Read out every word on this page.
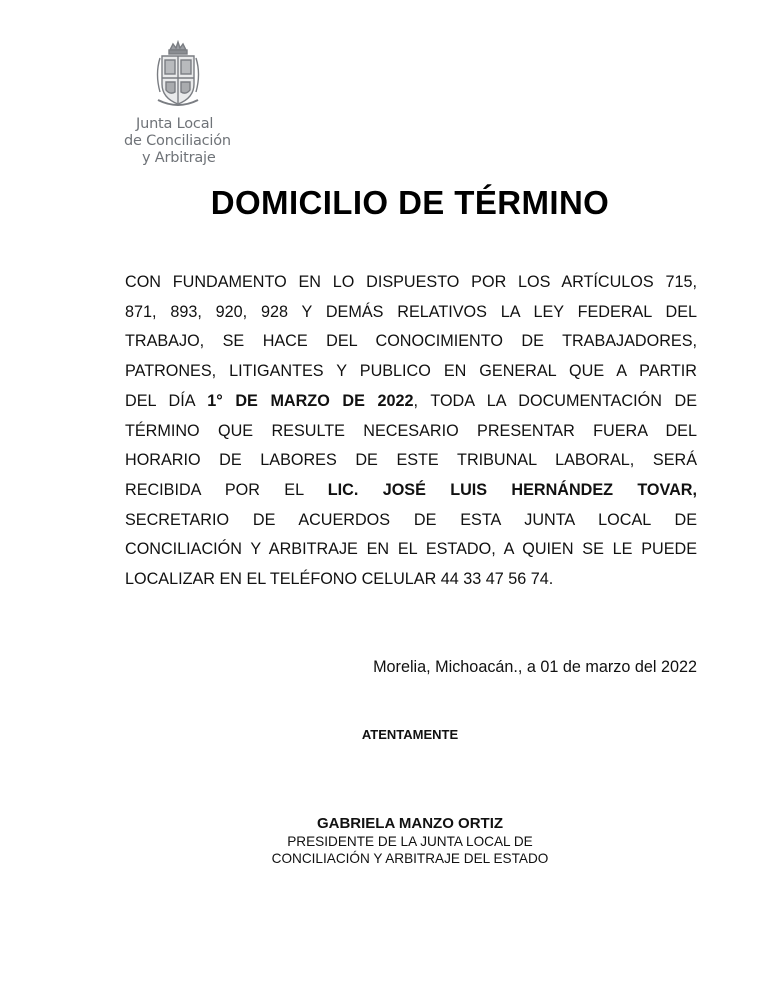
Junta Local
de Conciliación
y Arbitraje
DOMICILIO DE TÉRMINO
CON FUNDAMENTO EN LO DISPUESTO POR LOS ARTÍCULOS 715,
871, 893, 920, 928 Y DEMÁS RELATIVOS LA LEY FEDERAL DEL
TRABAJO, SE HACE DEL CONOCIMIENTO DE TRABAJADORES,
PATRONES, LITIGANTES Y PUBLICO EN GENERAL QUE A PARTIR
DEL DÍA 1° DE MARZO DE 2022, TODA LA DOCUMENTACIÓN DE
TÉRMINO QUE RESULTE NECESARIO PRESENTAR FUERA DEL
HORARIO DE LABORES DE ESTE TRIBUNAL LABORAL, SERÁ
RECIBIDA POR EL LIC. JOSÉ LUIS HERNÁNDEZ TOVAR,
SECRETARIO DE ACUERDOS DE ESTA JUNTA LOCAL DE
CONCILIACIÓN Y ARBITRAJE EN EL ESTADO, A QUIEN SE LE PUEDE
LOCALIZAR EN EL TELÉFONO CELULAR 44 33 47 56 74.

Morelia, Michoacán., a 01 de marzo del 2022

ATENTAMENTE

GABRIELA MANZO ORTIZ

PRESIDENTE DE LA JUNTA LOCAL DE

CONCILIACIÓN Y ARBITRAJE DEL ESTADO
